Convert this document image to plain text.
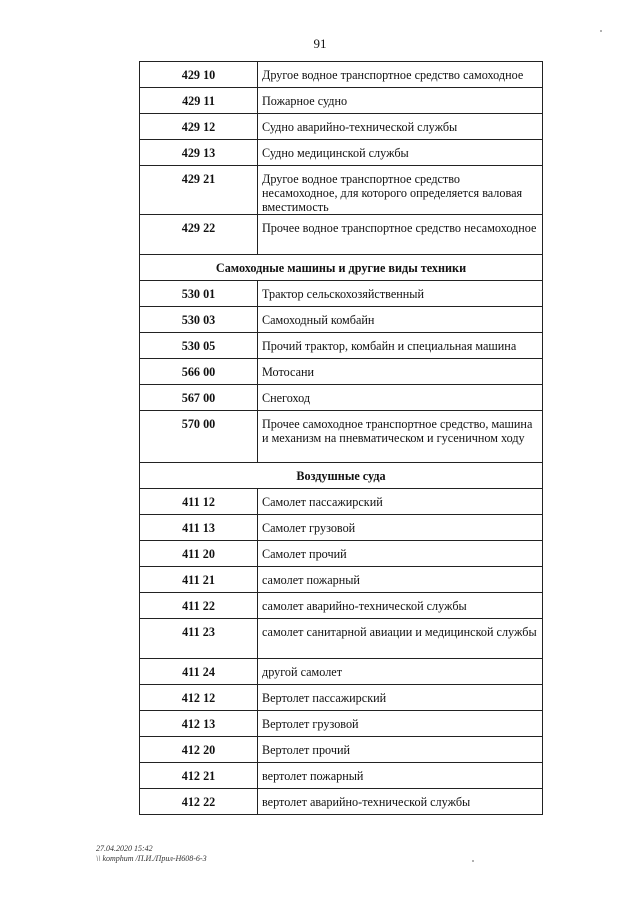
91
429 10	Другое водное транспортное средство самоходное
429 11	Пожарное судно
429 12	Судно аварийно-технической службы
429 13	Судно медицинской службы
429 21	Другое водное транспортное средство несамоходное, для которого определяется валовая вместимость
429 22	Прочее водное транспортное средство несамоходное
Самоходные машины и другие виды техники	
530 01	Трактор сельскохозяйственный
530 03	Самоходный комбайн
530 05	Прочий трактор, комбайн и специальная машина
566 00	Мотосани
567 00	Снегоход
570 00	Прочее самоходное транспортное средство, машина и механизм на пневматическом и гусеничном ходу
Воздушные суда	
411 12	Самолет пассажирский
411 13	Самолет грузовой
411 20	Самолет прочий
411 21	самолет пожарный
411 22	самолет аварийно-технической службы
411 23	самолет санитарной авиации и медицинской службы
411 24	другой самолет
412 12	Вертолет пассажирский
412 13	Вертолет грузовой
412 20	Вертолет прочий
412 21	вертолет пожарный
412 22	вертолет аварийно-технической службы
27.04.2020 15:42
\\ komphum /П.И./Прил-Н608-6-3
